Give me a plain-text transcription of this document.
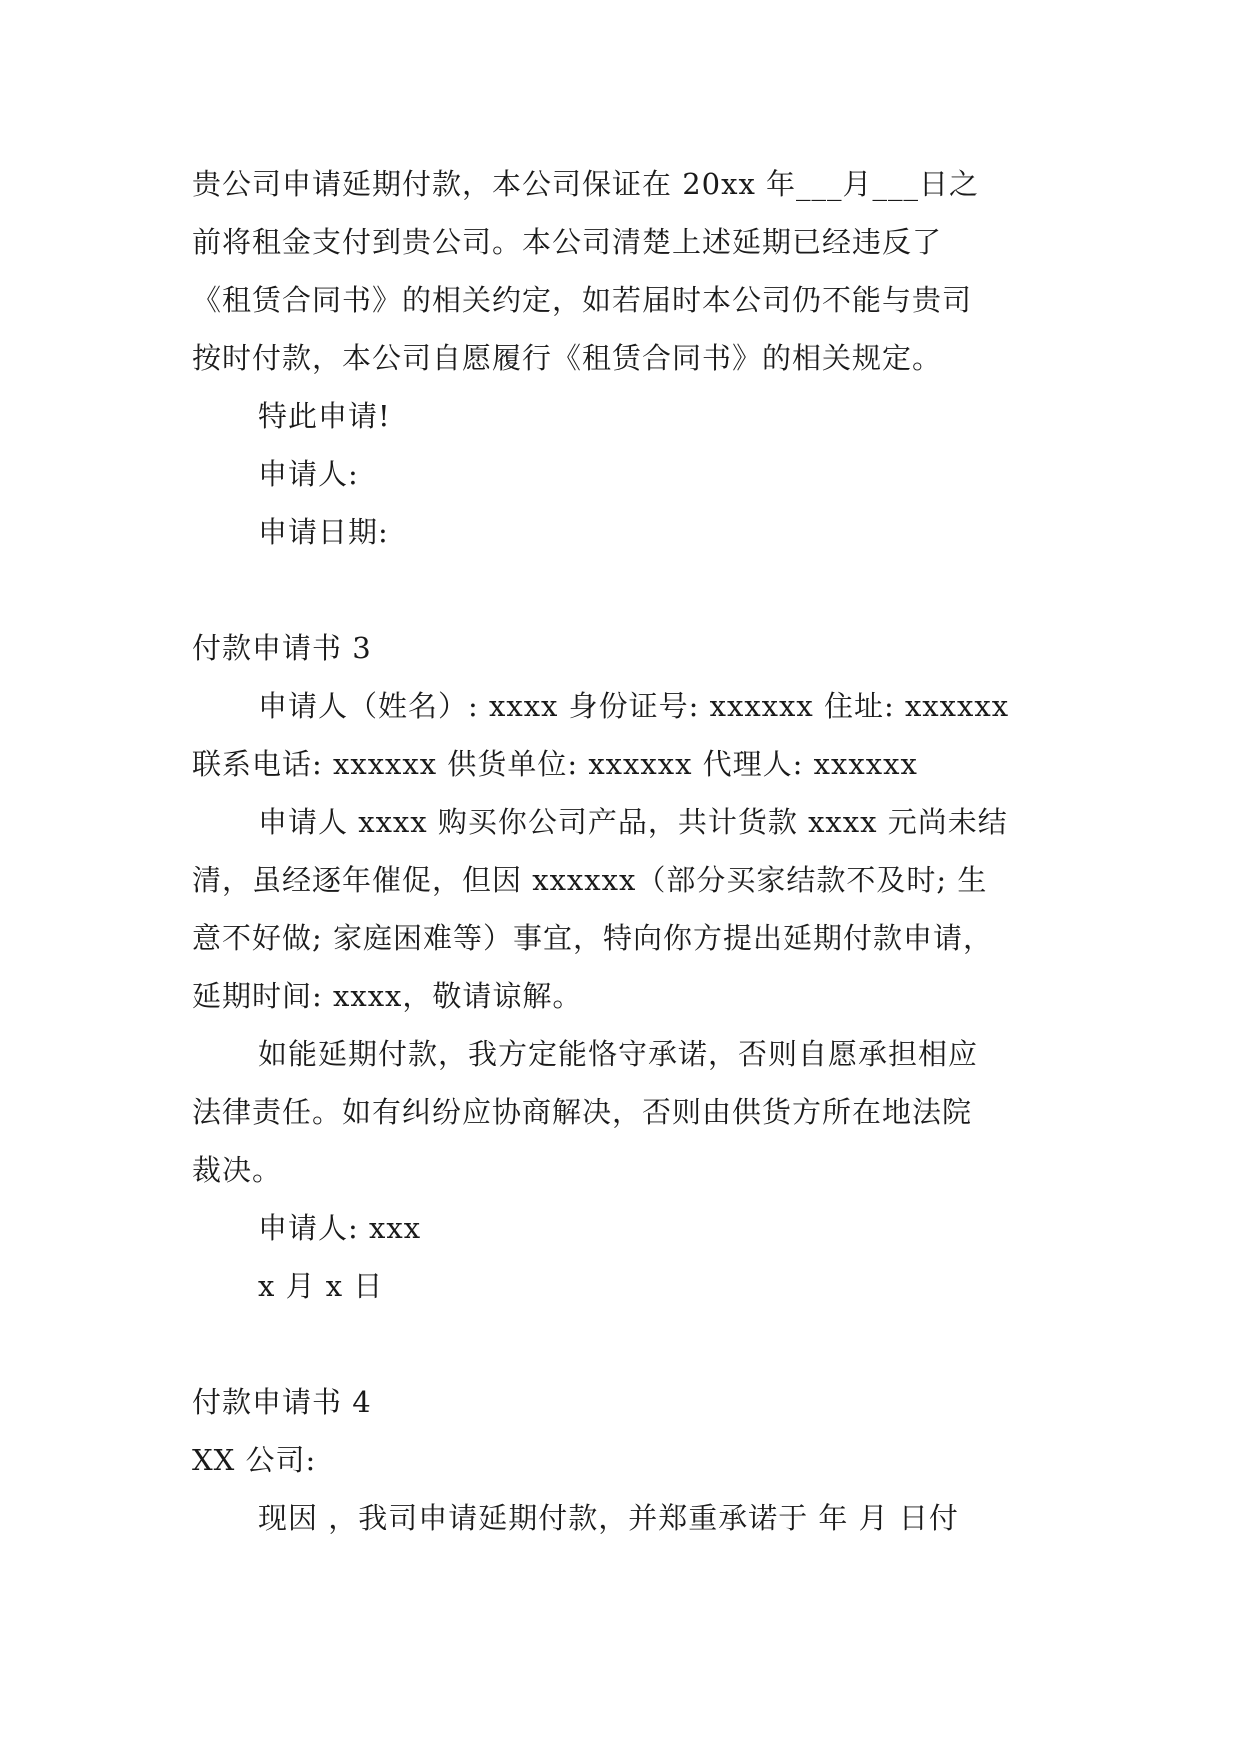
贵公司申请延期付款，本公司保证在 20xx 年___月___日之

前将租金支付到贵公司。本公司清楚上述延期已经违反了

《租赁合同书》的相关约定，如若届时本公司仍不能与贵司

按时付款，本公司自愿履行《租赁合同书》的相关规定。

特此申请!

申请人:

申请日期:

付款申请书 3

申请人（姓名）: xxxx 身份证号: xxxxxx 住址: xxxxxx

联系电话: xxxxxx 供货单位: xxxxxx 代理人: xxxxxx

申请人 xxxx 购买你公司产品，共计货款 xxxx 元尚未结

清，虽经逐年催促，但因 xxxxxx（部分买家结款不及时; 生

意不好做; 家庭困难等）事宜，特向你方提出延期付款申请，

延期时间: xxxx，敬请谅解。

如能延期付款，我方定能恪守承诺，否则自愿承担相应

法律责任。如有纠纷应协商解决，否则由供货方所在地法院

裁决。

申请人: xxx

x 月 x 日

付款申请书 4

XX 公司:

现因 ，我司申请延期付款，并郑重承诺于 年 月 日付
